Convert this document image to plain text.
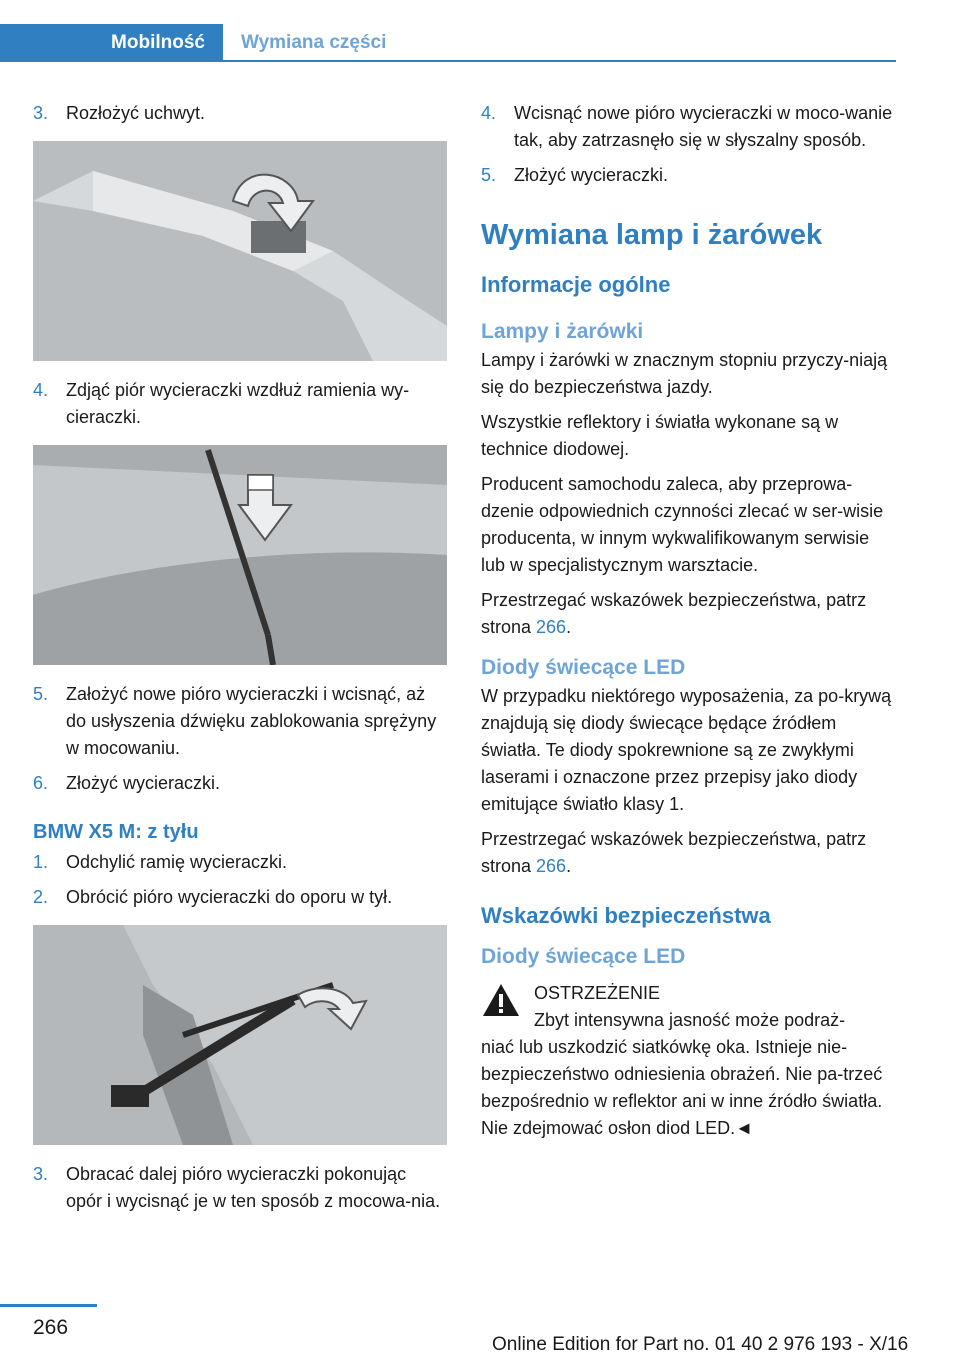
Mobilność	Wymiana części
3. Rozłożyć uchwyt.
4. Zdjąć piór wycieraczki wzdłuż ramienia wy‐cieraczki.
5. Założyć nowe pióro wycieraczki i wcisnąć, aż do usłyszenia dźwięku zablokowania sprężyny w mocowaniu.
6. Złożyć wycieraczki.
BMW X5 M: z tyłu
1. Odchylić ramię wycieraczki.
2. Obrócić pióro wycieraczki do oporu w tył.
3. Obracać dalej pióro wycieraczki pokonując opór i wycisnąć je w ten sposób z mocowa‐nia.
4. Wcisnąć nowe pióro wycieraczki w moco‐wanie tak, aby zatrzasnęło się w słyszalny sposób.
5. Złożyć wycieraczki.
Wymiana lamp i żarówek
Informacje ogólne
Lampy i żarówki

Lampy i żarówki w znacznym stopniu przyczy‐niają się do bezpieczeństwa jazdy.

Wszystkie reflektory i światła wykonane są w technice diodowej.

Producent samochodu zaleca, aby przeprowa‐dzenie odpowiednich czynności zlecać w ser‐wisie producenta, w innym wykwalifikowanym serwisie lub w specjalistycznym warsztacie.

Przestrzegać wskazówek bezpieczeństwa, patrz strona 266.

Diody świecące LED

W przypadku niektórego wyposażenia, za po‐krywą znajdują się diody świecące będące źródłem światła. Te diody spokrewnione są ze zwykłymi laserami i oznaczone przez przepisy jako diody emitujące światło klasy 1.

Przestrzegać wskazówek bezpieczeństwa, patrz strona 266.

Wskazówki bezpieczeństwa
Diody świecące LED
OSTRZEŻENIE
Zbyt intensywna jasność może podraż‐
niać lub uszkodzić siatkówkę oka. Istnieje nie‐bezpieczeństwo odniesienia obrażeń. Nie pa‐trzeć bezpośrednio w reflektor ani w inne źródło światła. Nie zdejmować osłon diod LED.◄
266
Online Edition for Part no. 01 40 2 976 193 - X/16
